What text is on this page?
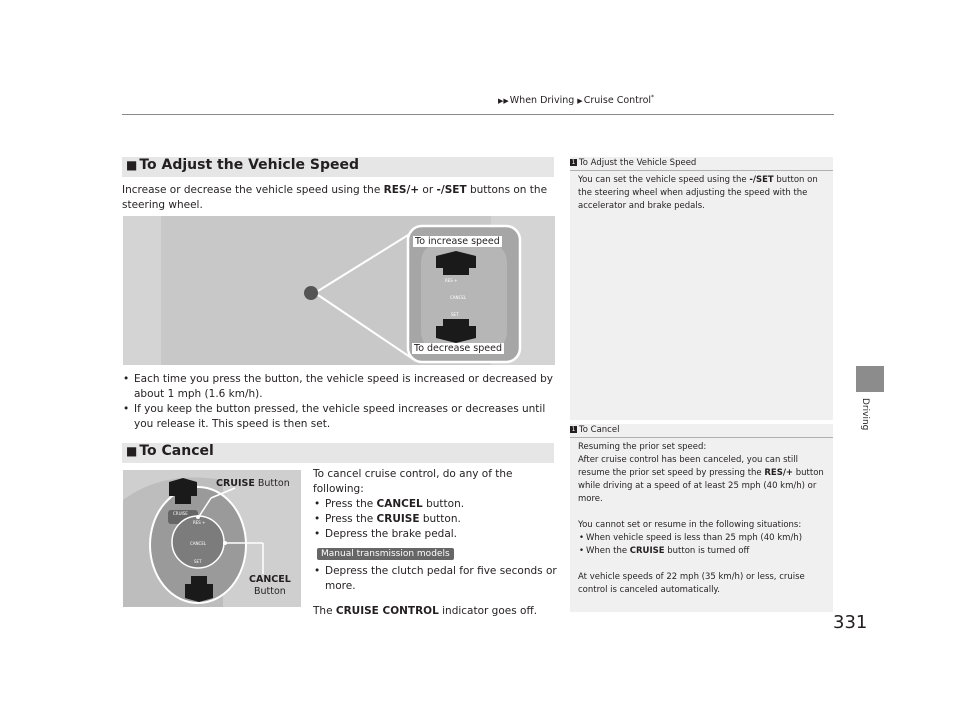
▶▶When Driving ▶Cruise Control*
Driving
■ To Adjust the Vehicle Speed
Increase or decrease the vehicle speed using the RES/+ or -/SET buttons on the steering wheel.
RES +
CANCEL
SET
To increase speed
To decrease speed
• Each time you press the button, the vehicle speed is increased or decreased by about 1 mph (1.6 km/h).
• If you keep the button pressed, the vehicle speed increases or decreases until you release it. This speed is then set.
■ To Cancel
CRUISE
RES +
CANCEL
SET
CRUISE Button
CANCEL
Button
To cancel cruise control, do any of the following:
• Press the CANCEL button.
• Press the CRUISE button.
• Depress the brake pedal.
Manual transmission models
• Depress the clutch pedal for five seconds or more.
The CRUISE CONTROL indicator goes off.
1 To Adjust the Vehicle Speed
You can set the vehicle speed using the -/SET button on the steering wheel when adjusting the speed with the accelerator and brake pedals.
1 To Cancel
Resuming the prior set speed:
After cruise control has been canceled, you can still resume the prior set speed by pressing the RES/+ button while driving at a speed of at least 25 mph (40 km/h) or more.
You cannot set or resume in the following situations:
• When vehicle speed is less than 25 mph (40 km/h)
• When the CRUISE button is turned off
At vehicle speeds of 22 mph (35 km/h) or less, cruise control is canceled automatically.
331
